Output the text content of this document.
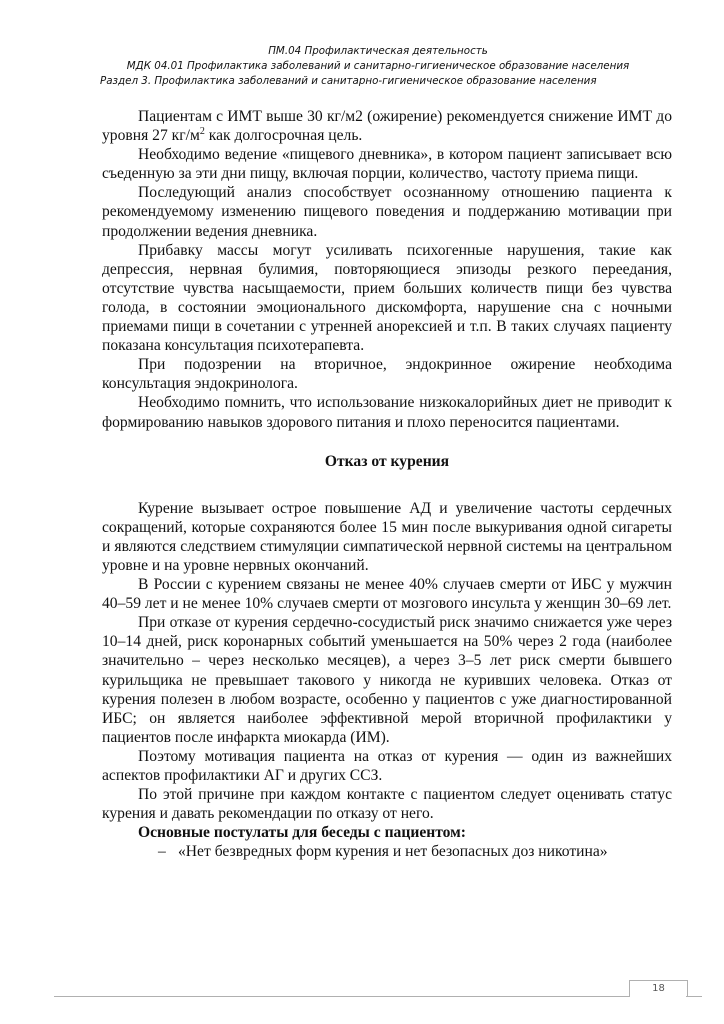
ПМ.04 Профилактическая деятельность
МДК 04.01 Профилактика заболеваний и санитарно-гигиеническое образование населения
Раздел 3. Профилактика заболеваний и санитарно-гигиеническое образование населения

Пациентам с ИМТ выше 30 кг/м2 (ожирение) рекомендуется снижение ИМТ до уровня 27 $кг/м^2$ как долгосрочная цель.

Необходимо ведение «пищевого дневника», в котором пациент записывает всю съеденную за эти дни пищу, включая порции, количество, частоту приема пищи.

Последующий анализ способствует осознанному отношению пациента к рекомендуемому изменению пищевого поведения и поддержанию мотивации при продолжении ведения дневника.

Прибавку массы могут усиливать психогенные нарушения, такие как депрессия, нервная булимия, повторяющиеся эпизоды резкого переедания, отсутствие чувства насыщаемости, прием больших количеств пищи без чувства голода, в состоянии эмоционального дискомфорта, нарушение сна с ночными приемами пищи в сочетании с утренней анорексией и т.п. В таких случаях пациенту показана консультация психотерапевта.

При подозрении на вторичное, эндокринное ожирение необходима консультация эндокринолога.

Необходимо помнить, что использование низкокалорийных диет не приводит к формированию навыков здорового питания и плохо переносится пациентами.

Отказ от курения

Курение вызывает острое повышение АД и увеличение частоты сердечных сокращений, которые сохраняются более 15 мин после выкуривания одной сигареты и являются следствием стимуляции симпатической нервной системы на центральном уровне и на уровне нервных окончаний.

В России с курением связаны не менее 40% случаев смерти от ИБС у мужчин 40–59 лет и не менее 10% случаев смерти от мозгового инсульта у женщин 30–69 лет.

При отказе от курения сердечно-сосудистый риск значимо снижается уже через 10–14 дней, риск коронарных событий уменьшается на 50% через 2 года (наиболее значительно – через несколько месяцев), а через 3–5 лет риск смерти бывшего курильщика не превышает такового у никогда не куривших человека. Отказ от курения полезен в любом возрасте, особенно у пациентов с уже диагностированной ИБС; он является наиболее эффективной мерой вторичной профилактики у пациентов после инфаркта миокарда (ИМ).

Поэтому мотивация пациента на отказ от курения — один из важнейших аспектов профилактики АГ и других ССЗ.

По этой причине при каждом контакте с пациентом следует оценивать статус курения и давать рекомендации по отказу от него.

Основные постулаты для беседы с пациентом:

– «Нет безвредных форм курения и нет безопасных доз никотина»

18
